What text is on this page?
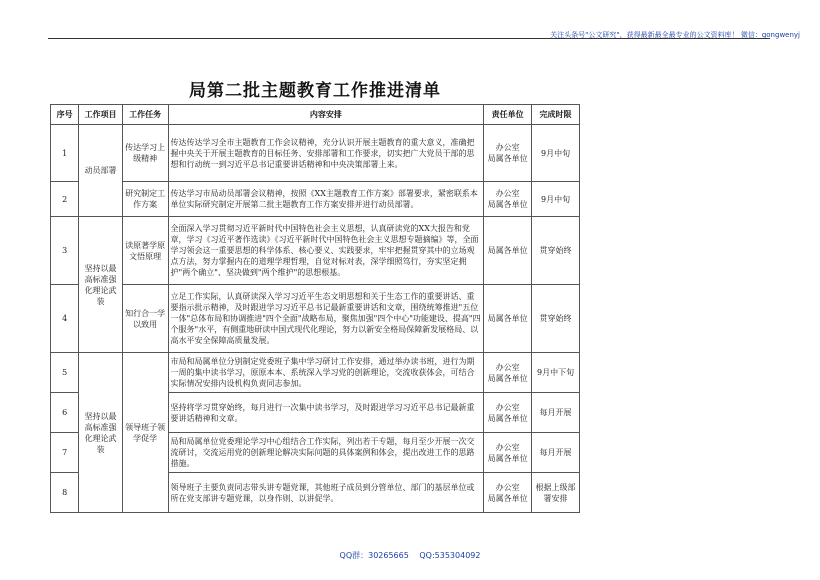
关注头条号"公文研究"，获得最新最全最专业的公文资料库！ 微信：gongwenyj
局第二批主题教育工作推进清单
序号	工作项目	工作任务	内容安排	责任单位	完成时限
1	动员部署	传达学习上级精神	传达传达学习全市主题教育工作会议精神，充分认识开展主题教育的重大意义，准确把握中央关于开展主题教育的目标任务、安排部署和工作要求，切实把广大党员干部的思想和行动统一到习近平总书记重要讲话精神和中央决策部署上来。	办公室
局属各单位	9月中旬
2		研究制定工作方案	传达学习市局动员部署会议精神，按照《XX主题教育工作方案》部署要求，紧密联系本单位实际研究制定开展第二批主题教育工作方案安排并进行动员部署。	办公室
局属各单位	9月中旬
3	坚持以最高标准强化理论武装	读原著学原文悟原理	全面深入学习贯彻习近平新时代中国特色社会主义思想，认真研读党的XX大报告和党章，学习《习近平著作选读》《习近平新时代中国特色社会主义思想专题摘编》等，全面学习领会这一重要思想的科学体系、核心要义、实践要求，牢牢把握贯穿其中的立场观点方法，努力掌握内在的道理学理哲理，自觉对标对表，深学细照笃行，夯实坚定拥护"两个确立"、坚决做到"两个维护"的思想根基。	局属各单位	贯穿始终
4		知行合一学以致用	立足工作实际，认真研读深入学习习近平生态文明思想和关于生态工作的重要讲话、重要指示批示精神，及时跟进学习习近平总书记最新重要讲话和文章，围绕统筹推进"五位一体"总体布局和协调推进"四个全面"战略布局，聚焦加强"四个中心"功能建设、提高"四个服务"水平，有侧重地研读中国式现代化理论，努力以新安全格局保障新发展格局、以高水平安全保障高质量发展。	局属各单位	贯穿始终
5	坚持以最高标准强化理论武装	领导班子领学促学	市局和局属单位分别制定党委班子集中学习研讨工作安排，通过举办读书班，进行为期一周的集中读书学习，原原本本、系统深入学习党的创新理论，交流收获体会，可结合实际情况安排内设机构负责同志参加。	办公室
局属各单位	9月中下旬
6			坚持将学习贯穿始终，每月进行一次集中读书学习，及时跟进学习习近平总书记最新重要讲话精神和文章。	办公室
局属各单位	每月开展
7			局和局属单位党委理论学习中心组结合工作实际，列出若干专题，每月至少开展一次交流研讨，交流运用党的创新理论解决实际问题的具体案例和体会，提出改进工作的思路措施。	办公室
局属各单位	每月开展
8			领导班子主要负责同志带头讲专题党课，其他班子成员到分管单位、部门的基层单位或所在党支部讲专题党课，以身作则、以讲促学。	办公室
局属各单位	根据上级部署安排
QQ群：30265665 QQ:535304092
